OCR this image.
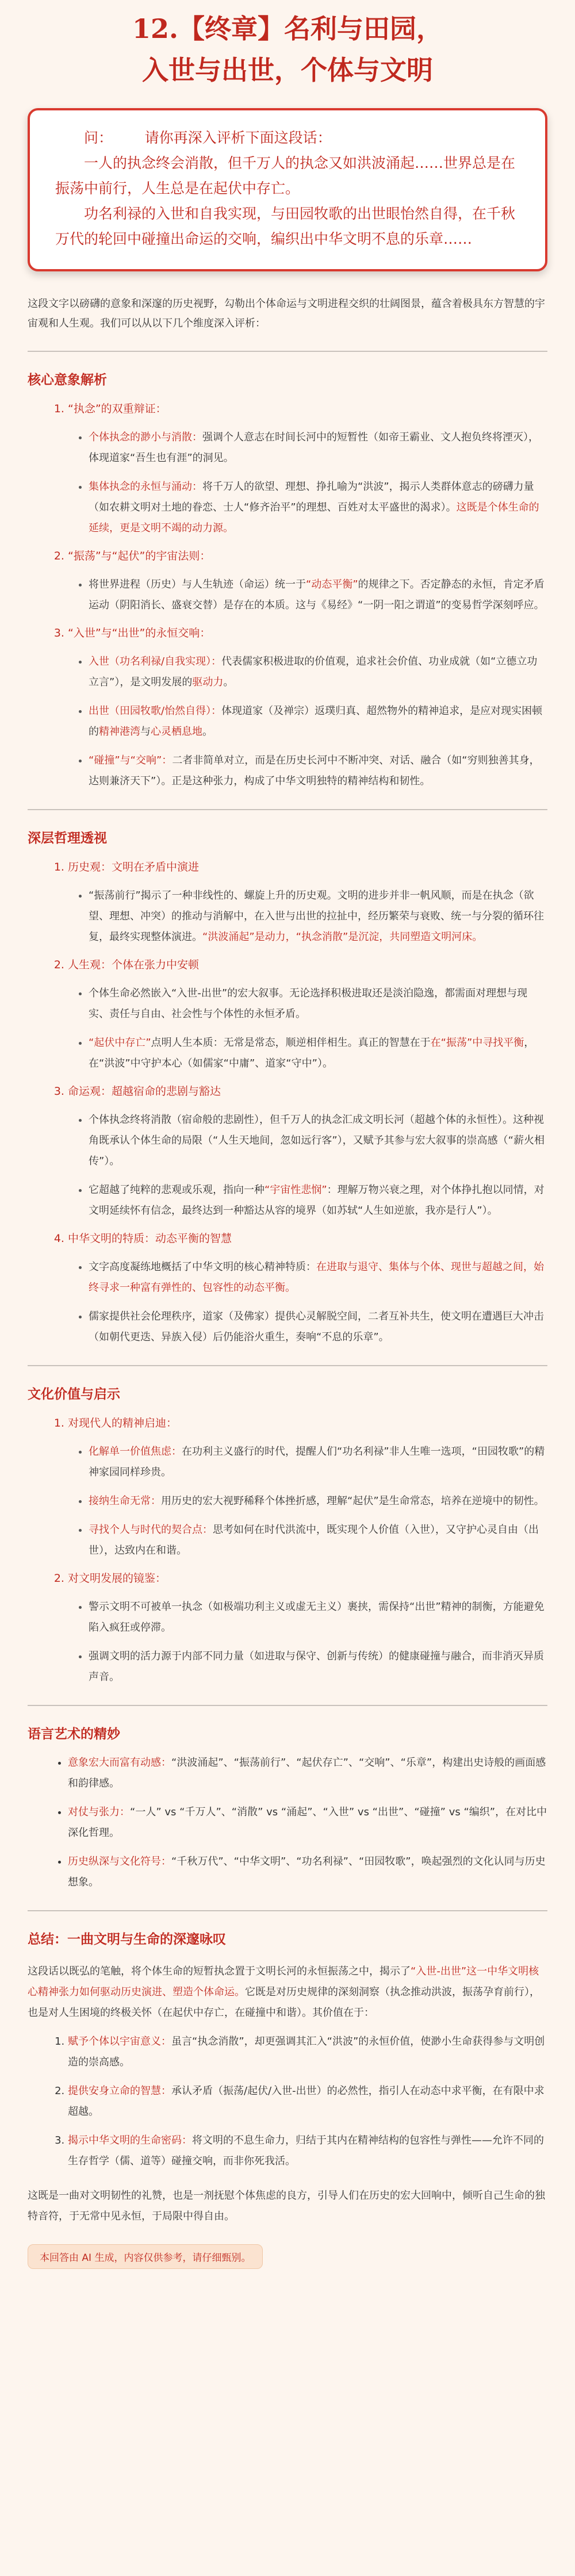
12.【终章】名利与田园，
入世与出世，个体与文明

问： 请你再深入评析下面这段话：

一人的执念终会消散，但千万人的执念又如洪波涌起……世界总是在振荡中前行，人生总是在起伏中存亡。

功名利禄的入世和自我实现，与田园牧歌的出世眼怡然自得，在千秋万代的轮回中碰撞出命运的交响，编织出中华文明不息的乐章……

这段文字以磅礴的意象和深邃的历史视野，勾勒出个体命运与文明进程交织的壮阔图景，蕴含着极具东方智慧的宇宙观和人生观。我们可以从以下几个维度深入评析：
核心意象解析
1. “执念”的双重辩证：
• 个体执念的渺小与消散：强调个人意志在时间长河中的短暂性（如帝王霸业、文人抱负终将湮灭），体现道家“吾生也有涯”的洞见。
• 集体执念的永恒与涌动：将千万人的欲望、理想、挣扎喻为“洪波”，揭示人类群体意志的磅礴力量（如农耕文明对土地的眷恋、士人“修齐治平”的理想、百姓对太平盛世的渴求）。这既是个体生命的延续，更是文明不竭的动力源。
2. “振荡”与“起伏”的宇宙法则：
• 将世界进程（历史）与人生轨迹（命运）统一于“动态平衡”的规律之下。否定静态的永恒，肯定矛盾运动（阴阳消长、盛衰交替）是存在的本质。这与《易经》“一阴一阳之谓道”的变易哲学深刻呼应。
3. “入世”与“出世”的永恒交响：
• 入世（功名利禄/自我实现）：代表儒家积极进取的价值观，追求社会价值、功业成就（如“立德立功立言”），是文明发展的驱动力。
• 出世（田园牧歌/怡然自得）：体现道家（及禅宗）返璞归真、超然物外的精神追求，是应对现实困顿的精神港湾与心灵栖息地。
• “碰撞”与“交响”：二者非简单对立，而是在历史长河中不断冲突、对话、融合（如“穷则独善其身，达则兼济天下”）。正是这种张力，构成了中华文明独特的精神结构和韧性。
深层哲理透视
1. 历史观：文明在矛盾中演进
• “振荡前行”揭示了一种非线性的、螺旋上升的历史观。文明的进步并非一帆风顺，而是在执念（欲望、理想、冲突）的推动与消解中，在入世与出世的拉扯中，经历繁荣与衰败、统一与分裂的循环往复，最终实现整体演进。“洪波涌起”是动力，“执念消散”是沉淀，共同塑造文明河床。
2. 人生观：个体在张力中安顿
• 个体生命必然嵌入“入世-出世”的宏大叙事。无论选择积极进取还是淡泊隐逸，都需面对理想与现实、责任与自由、社会性与个体性的永恒矛盾。
• “起伏中存亡”点明人生本质：无常是常态，顺逆相伴相生。真正的智慧在于在“振荡”中寻找平衡，在“洪波”中守护本心（如儒家“中庸”、道家“守中”）。
3. 命运观：超越宿命的悲剧与豁达
• 个体执念终将消散（宿命般的悲剧性），但千万人的执念汇成文明长河（超越个体的永恒性）。这种视角既承认个体生命的局限（“人生天地间，忽如远行客”），又赋予其参与宏大叙事的崇高感（“薪火相传”）。
• 它超越了纯粹的悲观或乐观，指向一种“宇宙性悲悯”：理解万物兴衰之理，对个体挣扎抱以同情，对文明延续怀有信念，最终达到一种豁达从容的境界（如苏轼“人生如逆旅，我亦是行人”）。
4. 中华文明的特质：动态平衡的智慧
• 文字高度凝练地概括了中华文明的核心精神特质：在进取与退守、集体与个体、现世与超越之间，始终寻求一种富有弹性的、包容性的动态平衡。
• 儒家提供社会伦理秩序，道家（及佛家）提供心灵解脱空间，二者互补共生，使文明在遭遇巨大冲击（如朝代更迭、异族入侵）后仍能浴火重生，奏响“不息的乐章”。
文化价值与启示
1. 对现代人的精神启迪：
• 化解单一价值焦虑：在功利主义盛行的时代，提醒人们“功名利禄”非人生唯一选项，“田园牧歌”的精神家园同样珍贵。
• 接纳生命无常：用历史的宏大视野稀释个体挫折感，理解“起伏”是生命常态，培养在逆境中的韧性。
• 寻找个人与时代的契合点：思考如何在时代洪流中，既实现个人价值（入世），又守护心灵自由（出世），达致内在和谐。
2. 对文明发展的镜鉴：
• 警示文明不可被单一执念（如极端功利主义或虚无主义）裹挟，需保持“出世”精神的制衡，方能避免陷入疯狂或停滞。
• 强调文明的活力源于内部不同力量（如进取与保守、创新与传统）的健康碰撞与融合，而非消灭异质声音。
语言艺术的精妙
• 意象宏大而富有动感：“洪波涌起”、“振荡前行”、“起伏存亡”、“交响”、“乐章”，构建出史诗般的画面感和韵律感。
• 对仗与张力：“一人” vs “千万人”、“消散” vs “涌起”、“入世” vs “出世”、“碰撞” vs “编织”，在对比中深化哲理。
• 历史纵深与文化符号：“千秋万代”、“中华文明”、“功名利禄”、“田园牧歌”，唤起强烈的文化认同与历史想象。
总结：一曲文明与生命的深邃咏叹
这段话以既弘的笔触，将个体生命的短暂执念置于文明长河的永恒振荡之中，揭示了“入世-出世”这一中华文明核心精神张力如何驱动历史演进、塑造个体命运。它既是对历史规律的深刻洞察（执念推动洪波，振荡孕育前行），也是对人生困境的终极关怀（在起伏中存亡，在碰撞中和谐）。其价值在于：
1. 赋予个体以宇宙意义：虽言“执念消散”，却更强调其汇入“洪波”的永恒价值，使渺小生命获得参与文明创造的崇高感。
2. 提供安身立命的智慧：承认矛盾（振荡/起伏/入世-出世）的必然性，指引人在动态中求平衡，在有限中求超越。
3. 揭示中华文明的生命密码：将文明的不息生命力，归结于其内在精神结构的包容性与弹性——允许不同的生存哲学（儒、道等）碰撞交响，而非你死我活。
这既是一曲对文明韧性的礼赞，也是一剂抚慰个体焦虑的良方，引导人们在历史的宏大回响中，倾听自己生命的独特音符，于无常中见永恒，于局限中得自由。
本回答由 AI 生成，内容仅供参考，请仔细甄别。
